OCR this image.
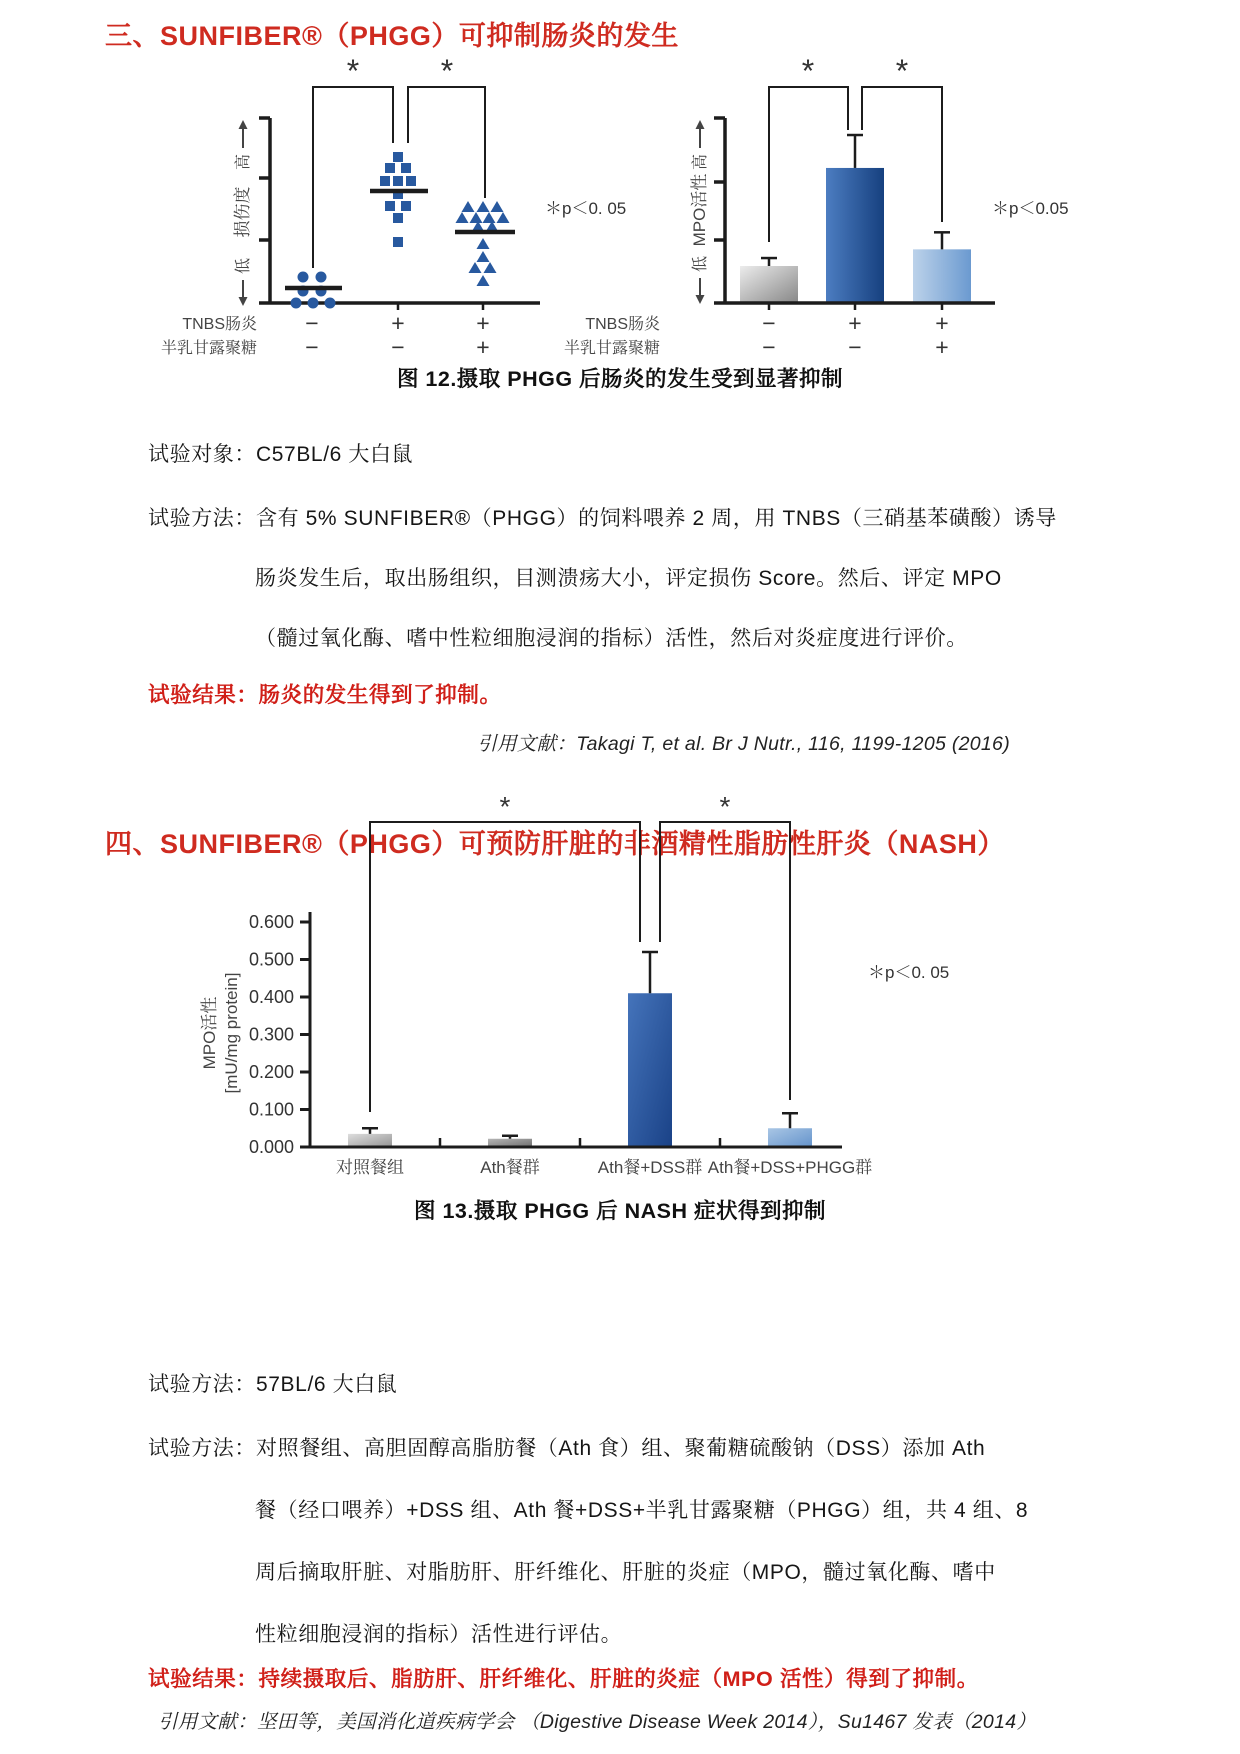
三、SUNFIBER®（PHGG）可抑制肠炎的发生
*	*
高
损伤度
低
TNBS肠炎 −	+	+
半乳甘露聚糖 −	−	+
＊p＜0. 05
*	*
高
MPO活性
低
TNBS肠炎	−	+	+
半乳甘露聚糖	−	−	+
＊p＜0.05
图 12.摄取 PHGG 后肠炎的发生受到显著抑制
试验对象：C57BL/6 大白鼠
试验方法：含有 5% SUNFIBER®（PHGG）的饲料喂养 2 周，用 TNBS（三硝基苯磺酸）诱导
肠炎发生后，取出肠组织，目测溃疡大小，评定损伤 Score。然后、评定 MPO
（髓过氧化酶、嗜中性粒细胞浸润的指标）活性，然后对炎症度进行评价。
试验结果：肠炎的发生得到了抑制。
引用文献：Takagi T, et al. Br J Nutr., 116, 1199-1205 (2016)
四、SUNFIBER®（PHGG）可预防肝脏的非酒精性脂肪性肝炎（NASH）
*	*
0.600
0.500
0.400
0.300
0.200
0.100
0.000
MPO活性 [mU/mg protein]
对照餐组	Ath餐群	Ath餐+DSS群 Ath餐+DSS+PHGG群
＊p＜0. 05
图 13.摄取 PHGG 后 NASH 症状得到抑制
试验方法：57BL/6 大白鼠
试验方法：对照餐组、高胆固醇高脂肪餐（Ath 食）组、聚葡糖硫酸钠（DSS）添加 Ath
餐（经口喂养）+DSS 组、Ath 餐+DSS+半乳甘露聚糖（PHGG）组，共 4 组、8
周后摘取肝脏、对脂肪肝、肝纤维化、肝脏的炎症（MPO，髓过氧化酶、嗜中
性粒细胞浸润的指标）活性进行评估。
试验结果：持续摄取后、脂肪肝、肝纤维化、肝脏的炎症（MPO 活性）得到了抑制。
引用文献：坚田等，美国消化道疾病学会 （Digestive Disease Week 2014），Su1467 发表（2014）
